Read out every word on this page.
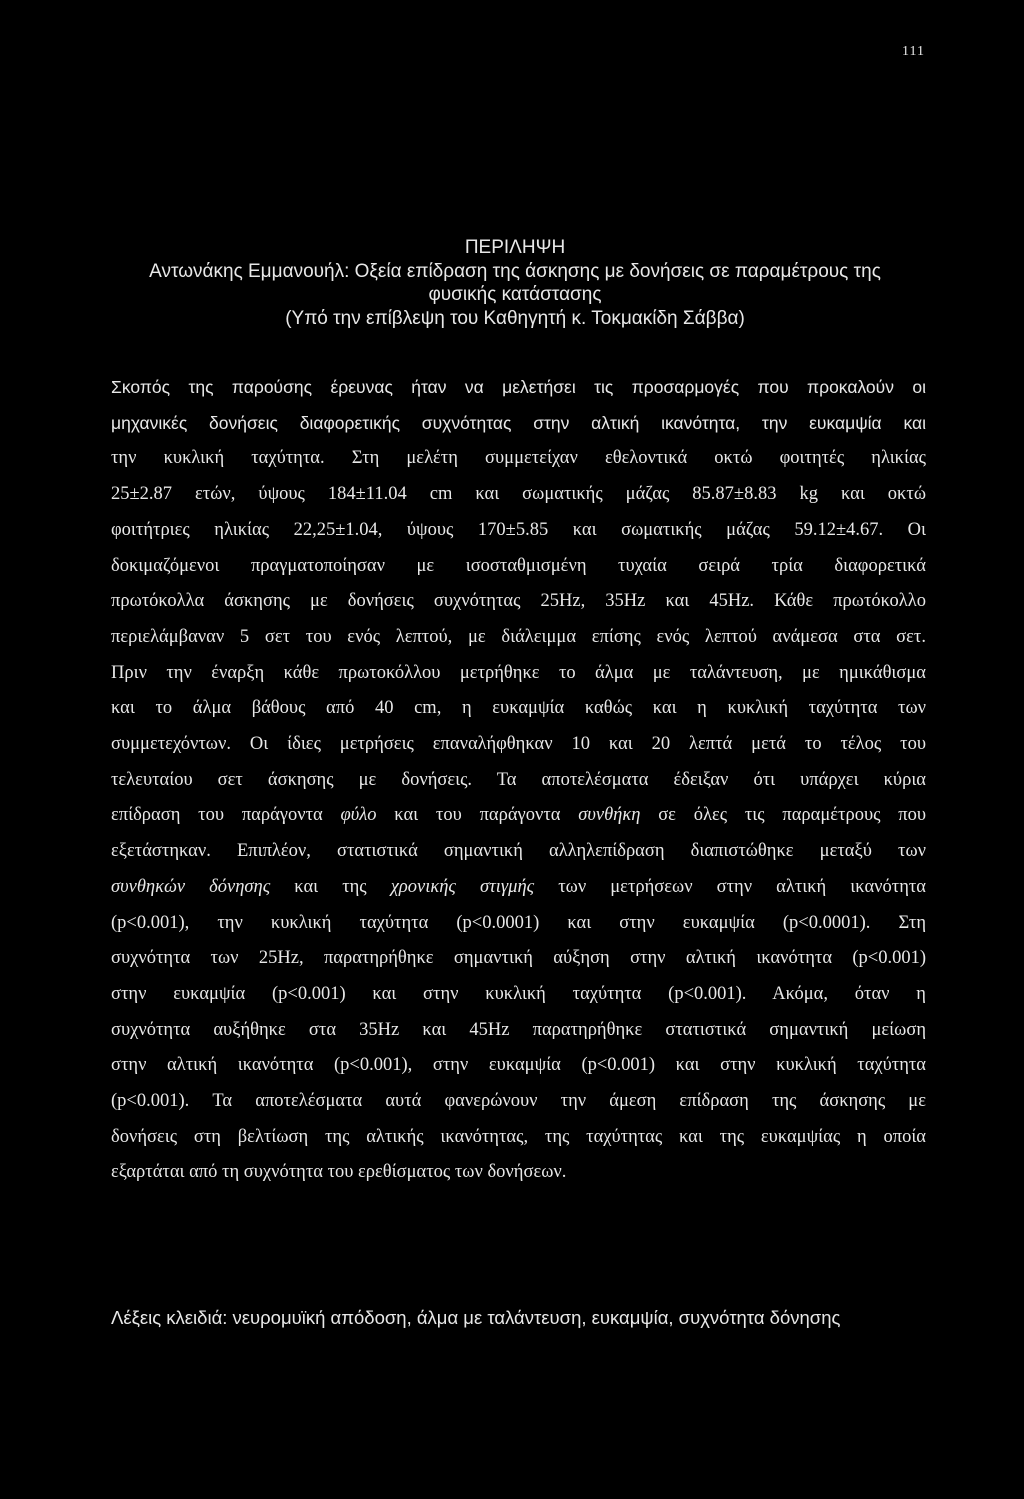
111
ΠΕΡΙΛΗΨΗ
Αντωνάκης Εμμανουήλ: Οξεία επίδραση της άσκησης με δονήσεις σε παραμέτρους της
φυσικής κατάστασης
(Υπό την επίβλεψη του Καθηγητή κ. Τοκμακίδη Σάββα)
Σκοπός της παρούσης έρευνας ήταν να μελετήσει τις προσαρμογές που προκαλούν οι
μηχανικές δονήσεις διαφορετικής συχνότητας στην αλτική ικανότητα, την ευκαμψία και
την κυκλική ταχύτητα. Στη μελέτη συμμετείχαν εθελοντικά οκτώ φοιτητές ηλικίας
25±2.87 ετών, ύψους 184±11.04 cm και σωματικής μάζας 85.87±8.83 kg και οκτώ
φοιτήτριες ηλικίας 22,25±1.04, ύψους 170±5.85 και σωματικής μάζας 59.12±4.67. Οι
δοκιμαζόμενοι πραγματοποίησαν με ισοσταθμισμένη τυχαία σειρά τρία διαφορετικά
πρωτόκολλα άσκησης με δονήσεις συχνότητας 25Hz, 35Hz και 45Hz. Κάθε πρωτόκολλο
περιελάμβαναν 5 σετ του ενός λεπτού, με διάλειμμα επίσης ενός λεπτού ανάμεσα στα σετ.
Πριν την έναρξη κάθε πρωτοκόλλου μετρήθηκε το άλμα με ταλάντευση, με ημικάθισμα
και το άλμα βάθους από 40 cm, η ευκαμψία καθώς και η κυκλική ταχύτητα των
συμμετεχόντων. Οι ίδιες μετρήσεις επαναλήφθηκαν 10 και 20 λεπτά μετά το τέλος του
τελευταίου σετ άσκησης με δονήσεις. Τα αποτελέσματα έδειξαν ότι υπάρχει κύρια
επίδραση του παράγοντα φύλο και του παράγοντα συνθήκη σε όλες τις παραμέτρους που
εξετάστηκαν. Επιπλέον, στατιστικά σημαντική αλληλεπίδραση διαπιστώθηκε μεταξύ των
συνθηκών δόνησης και της χρονικής στιγμής των μετρήσεων στην αλτική ικανότητα
(p<0.001), την κυκλική ταχύτητα (p<0.0001) και στην ευκαμψία (p<0.0001). Στη
συχνότητα των 25Hz, παρατηρήθηκε σημαντική αύξηση στην αλτική ικανότητα (p<0.001)
στην ευκαμψία (p<0.001) και στην κυκλική ταχύτητα (p<0.001). Ακόμα, όταν η
συχνότητα αυξήθηκε στα 35Hz και 45Hz παρατηρήθηκε στατιστικά σημαντική μείωση
στην αλτική ικανότητα (p<0.001), στην ευκαμψία (p<0.001) και στην κυκλική ταχύτητα
(p<0.001). Τα αποτελέσματα αυτά φανερώνουν την άμεση επίδραση της άσκησης με
δονήσεις στη βελτίωση της αλτικής ικανότητας, της ταχύτητας και της ευκαμψίας η οποία
εξαρτάται από τη συχνότητα του ερεθίσματος των δονήσεων.
Λέξεις κλειδιά: νευρομυϊκή απόδοση, άλμα με ταλάντευση, ευκαμψία, συχνότητα δόνησης
